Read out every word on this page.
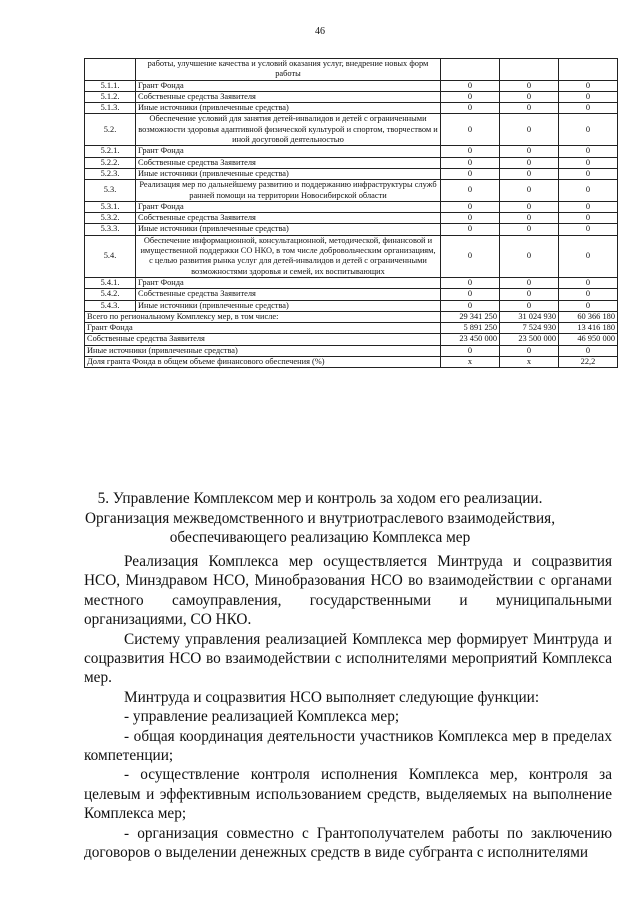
46
	работы, улучшение качества и условий оказания услуг, внедрение новых форм работы			
5.1.1.	Грант Фонда	0	0	0
5.1.2.	Собственные средства Заявителя	0	0	0
5.1.3.	Иные источники (привлеченные средства)	0	0	0
5.2.	Обеспечение условий для занятия детей-инвалидов и детей с ограниченными возможности здоровья адаптивной физической культурой и спортом, творчеством и иной досуговой деятельностью	0	0	0
5.2.1.	Грант Фонда	0	0	0
5.2.2.	Собственные средства Заявителя	0	0	0
5.2.3.	Иные источники (привлеченные средства)	0	0	0
5.3.	Реализация мер по дальнейшему развитию и поддержанию инфраструктуры служб ранней помощи на территории Новосибирской области	0	0	0
5.3.1.	Грант Фонда	0	0	0
5.3.2.	Собственные средства Заявителя	0	0	0
5.3.3.	Иные источники (привлеченные средства)	0	0	0
5.4.	Обеспечение информационной, консультационной, методической, финансовой и имущественной поддержки СО НКО, в том числе добровольческим организациям, с целью развития рынка услуг для детей-инвалидов и детей с ограниченными возможностями здоровья и семей, их воспитывающих	0	0	0
5.4.1.	Грант Фонда	0	0	0
5.4.2.	Собственные средства Заявителя	0	0	0
5.4.3.	Иные источники (привлеченные средства)	0	0	0
Всего по региональному Комплексу мер, в том числе:		29 341 250	31 024 930	60 366 180
Грант Фонда		5 891 250	7 524 930	13 416 180
Собственные средства Заявителя		23 450 000	23 500 000	46 950 000
Иные источники (привлеченные средства)		0	0	0
Доля гранта Фонда в общем объеме финансового обеспечения (%)		x	x	22,2
5. Управление Комплексом мер и контроль за ходом его реализации.
Организация межведомственного и внутриотраслевого взаимодействия,
обеспечивающего реализацию Комплекса мер

Реализация Комплекса мер осуществляется Минтруда и соцразвития НСО, Минздравом НСО, Минобразования НСО во взаимодействии с органами местного самоуправления, государственными и муниципальными организациями, СО НКО.

Систему управления реализацией Комплекса мер формирует Минтруда и соцразвития НСО во взаимодействии с исполнителями мероприятий Комплекса мер.

Минтруда и соцразвития НСО выполняет следующие функции:

- управление реализацией Комплекса мер;

- общая координация деятельности участников Комплекса мер в пределах компетенции;

- осуществление контроля исполнения Комплекса мер, контроля за целевым и эффективным использованием средств, выделяемых на выполнение Комплекса мер;

- организация совместно с Грантополучателем работы по заключению договоров о выделении денежных средств в виде субгранта с исполнителями
